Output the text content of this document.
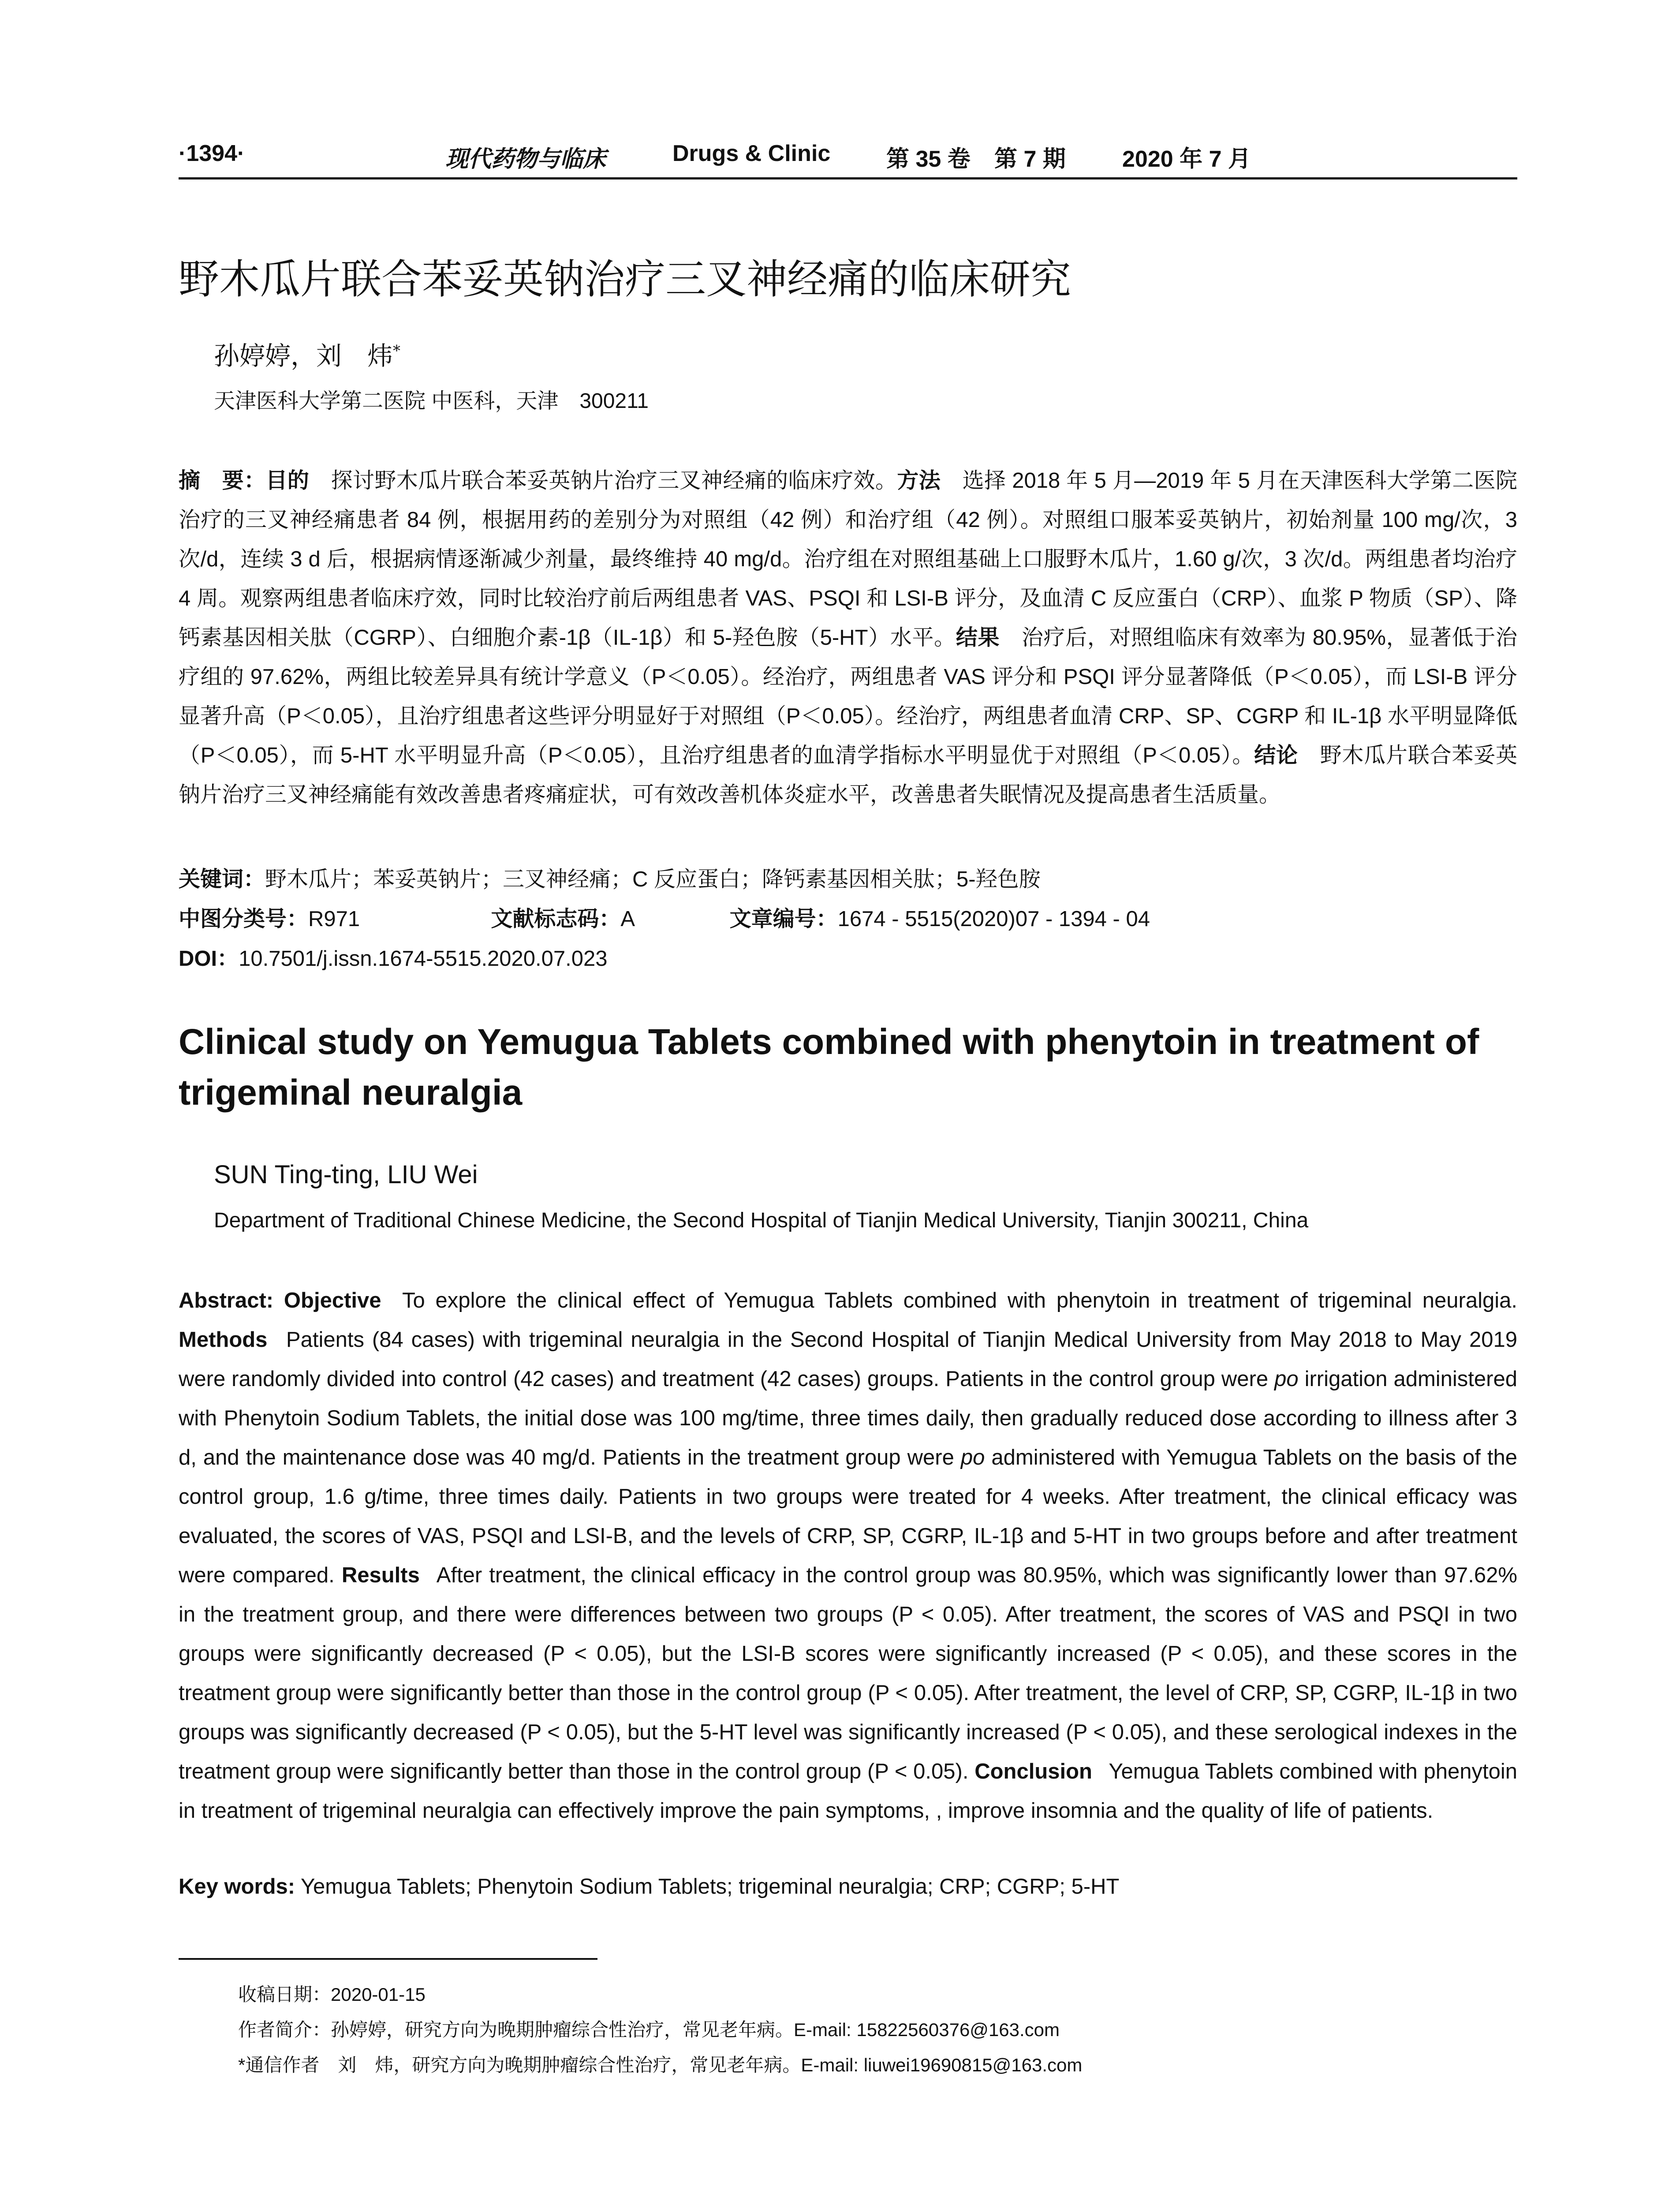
·1394·	现代药物与临床	Drugs & Clinic 第 35 卷 第 7 期 2020 年 7 月
野木瓜片联合苯妥英钠治疗三叉神经痛的临床研究
孙婷婷，刘　炜*
天津医科大学第二医院 中医科，天津　300211
摘　要：目的  探讨野木瓜片联合苯妥英钠片治疗三叉神经痛的临床疗效。方法  选择 2018 年 5 月—2019 年 5 月在天津医科大学第二医院治疗的三叉神经痛患者 84 例，根据用药的差别分为对照组（42 例）和治疗组（42 例）。对照组口服苯妥英钠片，初始剂量 100 mg/次，3 次/d，连续 3 d 后，根据病情逐渐减少剂量，最终维持 40 mg/d。治疗组在对照组基础上口服野木瓜片，1.60 g/次，3 次/d。两组患者均治疗 4 周。观察两组患者临床疗效，同时比较治疗前后两组患者 VAS、PSQI 和 LSI-B 评分，及血清 C 反应蛋白（CRP）、血浆 P 物质（SP）、降钙素基因相关肽（CGRP）、白细胞介素-1β（IL-1β）和 5-羟色胺（5-HT）水平。结果  治疗后，对照组临床有效率为 80.95%，显著低于治疗组的 97.62%，两组比较差异具有统计学意义（P＜0.05）。经治疗，两组患者 VAS 评分和 PSQI 评分显著降低（P＜0.05），而 LSI-B 评分显著升高（P＜0.05），且治疗组患者这些评分明显好于对照组（P＜0.05）。经治疗，两组患者血清 CRP、SP、CGRP 和 IL-1β 水平明显降低（P＜0.05），而 5-HT 水平明显升高（P＜0.05），且治疗组患者的血清学指标水平明显优于对照组（P＜0.05）。结论  野木瓜片联合苯妥英钠片治疗三叉神经痛能有效改善患者疼痛症状，可有效改善机体炎症水平，改善患者失眠情况及提高患者生活质量。
关键词：野木瓜片；苯妥英钠片；三叉神经痛；C 反应蛋白；降钙素基因相关肽；5-羟色胺
中图分类号：R971	文献标志码：A	文章编号：1674 - 5515(2020)07 - 1394 - 04
DOI：10.7501/j.issn.1674-5515.2020.07.023
Clinical study on Yemugua Tablets combined with phenytoin in treatment of trigeminal neuralgia
SUN Ting-ting, LIU Wei
Department of Traditional Chinese Medicine, the Second Hospital of Tianjin Medical University, Tianjin 300211, China
Abstract: Objective  To explore the clinical effect of Yemugua Tablets combined with phenytoin in treatment of trigeminal neuralgia. Methods  Patients (84 cases) with trigeminal neuralgia in the Second Hospital of Tianjin Medical University from May 2018 to May 2019 were randomly divided into control (42 cases) and treatment (42 cases) groups. Patients in the control group were po irrigation administered with Phenytoin Sodium Tablets, the initial dose was 100 mg/time, three times daily, then gradually reduced dose according to illness after 3 d, and the maintenance dose was 40 mg/d. Patients in the treatment group were po administered with Yemugua Tablets on the basis of the control group, 1.6 g/time, three times daily. Patients in two groups were treated for 4 weeks. After treatment, the clinical efficacy was evaluated, the scores of VAS, PSQI and LSI-B, and the levels of CRP, SP, CGRP, IL-1β and 5-HT in two groups before and after treatment were compared. Results  After treatment, the clinical efficacy in the control group was 80.95%, which was significantly lower than 97.62% in the treatment group, and there were differences between two groups (P < 0.05). After treatment, the scores of VAS and PSQI in two groups were significantly decreased (P < 0.05), but the LSI-B scores were significantly increased (P < 0.05), and these scores in the treatment group were significantly better than those in the control group (P < 0.05). After treatment, the level of CRP, SP, CGRP, IL-1β in two groups was significantly decreased (P < 0.05), but the 5-HT level was significantly increased (P < 0.05), and these serological indexes in the treatment group were significantly better than those in the control group (P < 0.05). Conclusion  Yemugua Tablets combined with phenytoin in treatment of trigeminal neuralgia can effectively improve the pain symptoms, , improve insomnia and the quality of life of patients.
Key words: Yemugua Tablets; Phenytoin Sodium Tablets; trigeminal neuralgia; CRP; CGRP; 5-HT
收稿日期：2020-01-15
作者简介：孙婷婷，研究方向为晚期肿瘤综合性治疗，常见老年病。E-mail: 15822560376@163.com
*通信作者  刘　炜，研究方向为晚期肿瘤综合性治疗，常见老年病。E-mail: liuwei19690815@163.com
